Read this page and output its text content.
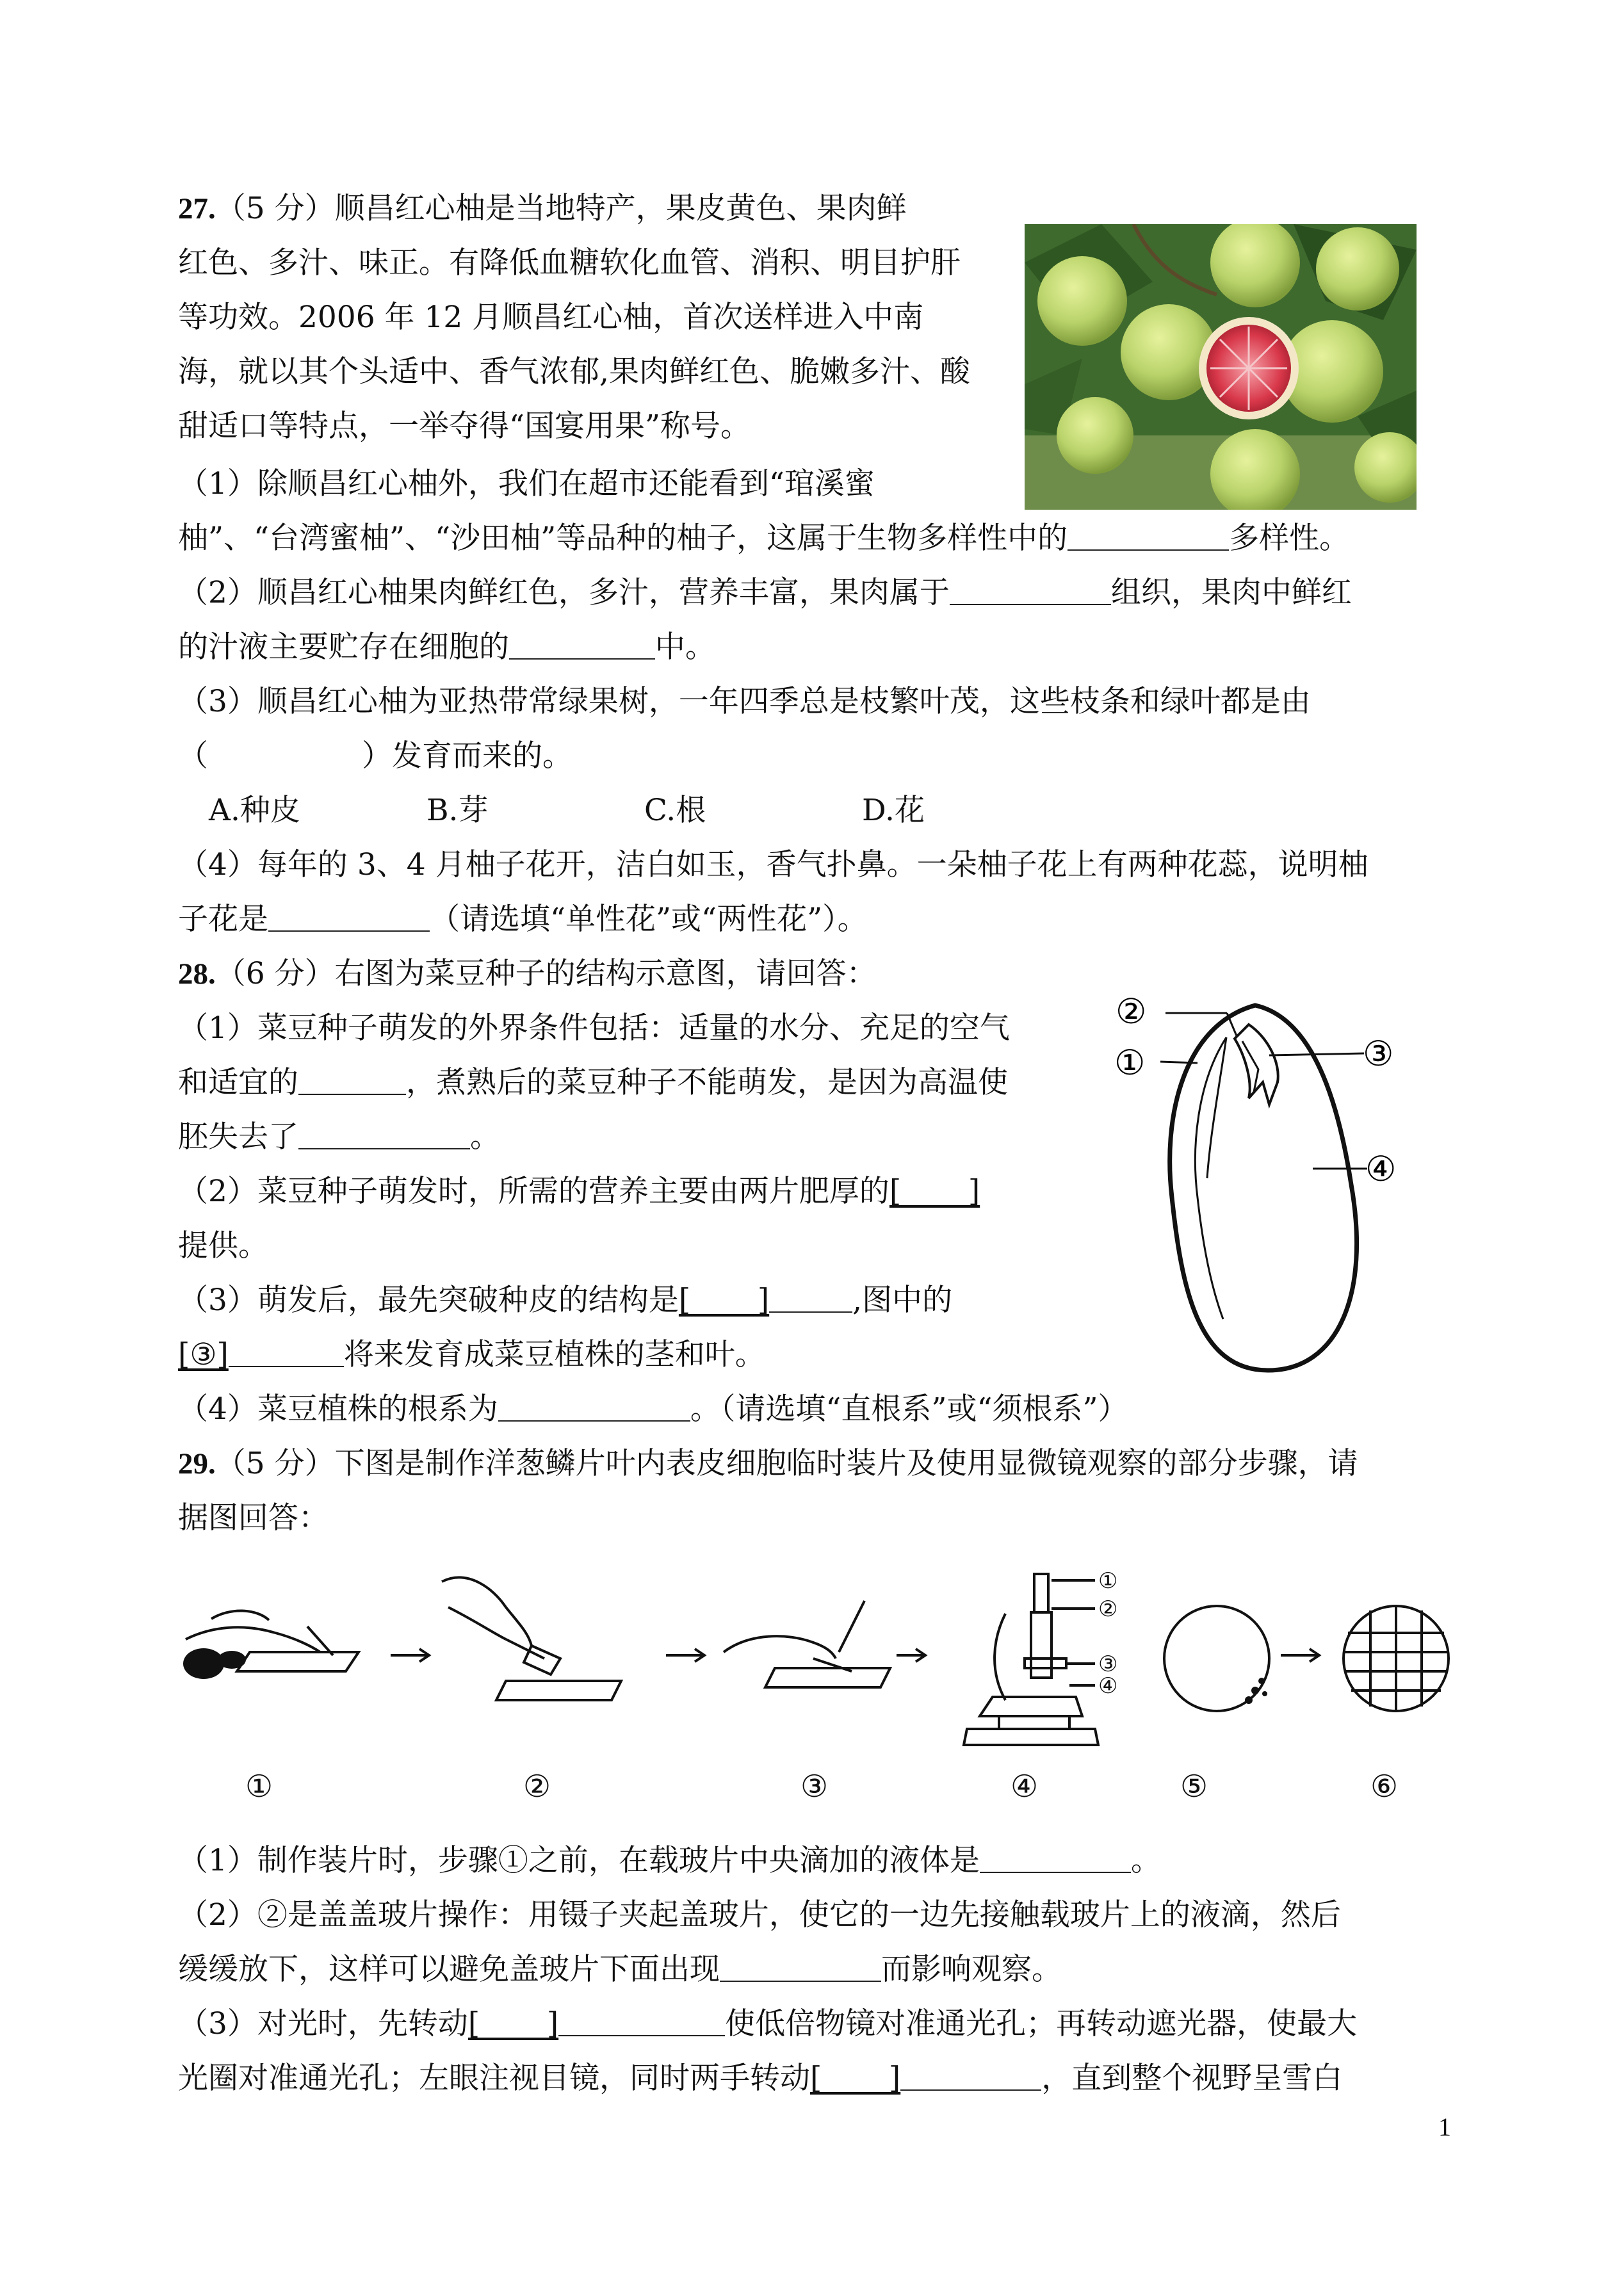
27.（5 分）顺昌红心柚是当地特产，果皮黄色、果肉鲜
红色、多汁、味正。有降低血糖软化血管、消积、明目护肝
等功效。2006 年 12 月顺昌红心柚，首次送样进入中南
海，就以其个头适中、香气浓郁,果肉鲜红色、脆嫩多汁、酸
甜适口等特点，一举夺得“国宴用果”称号。
（1）除顺昌红心柚外，我们在超市还能看到“琯溪蜜
柚”、“台湾蜜柚”、“沙田柚”等品种的柚子，这属于生物多样性中的	多样性。
（2）顺昌红心柚果肉鲜红色，多汁，营养丰富，果肉属于	组织，果肉中鲜红
的汁液主要贮存在细胞的	中。
（3）顺昌红心柚为亚热带常绿果树，一年四季总是枝繁叶茂，这些枝条和绿叶都是由
（	）发育而来的。
A.种皮	B.芽	C.根	D.花
（4）每年的 3、4 月柚子花开，洁白如玉，香气扑鼻。一朵柚子花上有两种花蕊，说明柚
子花是	（请选填“单性花”或“两性花”）。
28.（6 分）右图为菜豆种子的结构示意图，请回答：
（1）菜豆种子萌发的外界条件包括：适量的水分、充足的空气
和适宜的	，煮熟后的菜豆种子不能萌发，是因为高温使
胚失去了	。
（2）菜豆种子萌发时，所需的营养主要由两片肥厚的[       ]
提供。
（3）萌发后，最先突破种皮的结构是[       ]	,图中的
[③]	将来发育成菜豆植株的茎和叶。
（4）菜豆植株的根系为	。（请选填“直根系”或“须根系”）
②
①	③
④
29.（5 分）下图是制作洋葱鳞片叶内表皮细胞临时装片及使用显微镜观察的部分步骤，请
据图回答：
①
②
③
④
①	②	③	④	⑤	⑥
（1）制作装片时，步骤①之前，在载玻片中央滴加的液体是	。
（2）②是盖盖玻片操作：用镊子夹起盖玻片，使它的一边先接触载玻片上的液滴，然后
缓缓放下，这样可以避免盖玻片下面出现	而影响观察。
（3）对光时，先转动[       ]	使低倍物镜对准通光孔；再转动遮光器，使最大
光圈对准通光孔；左眼注视目镜，同时两手转动[       ]	，直到整个视野呈雪白
1
